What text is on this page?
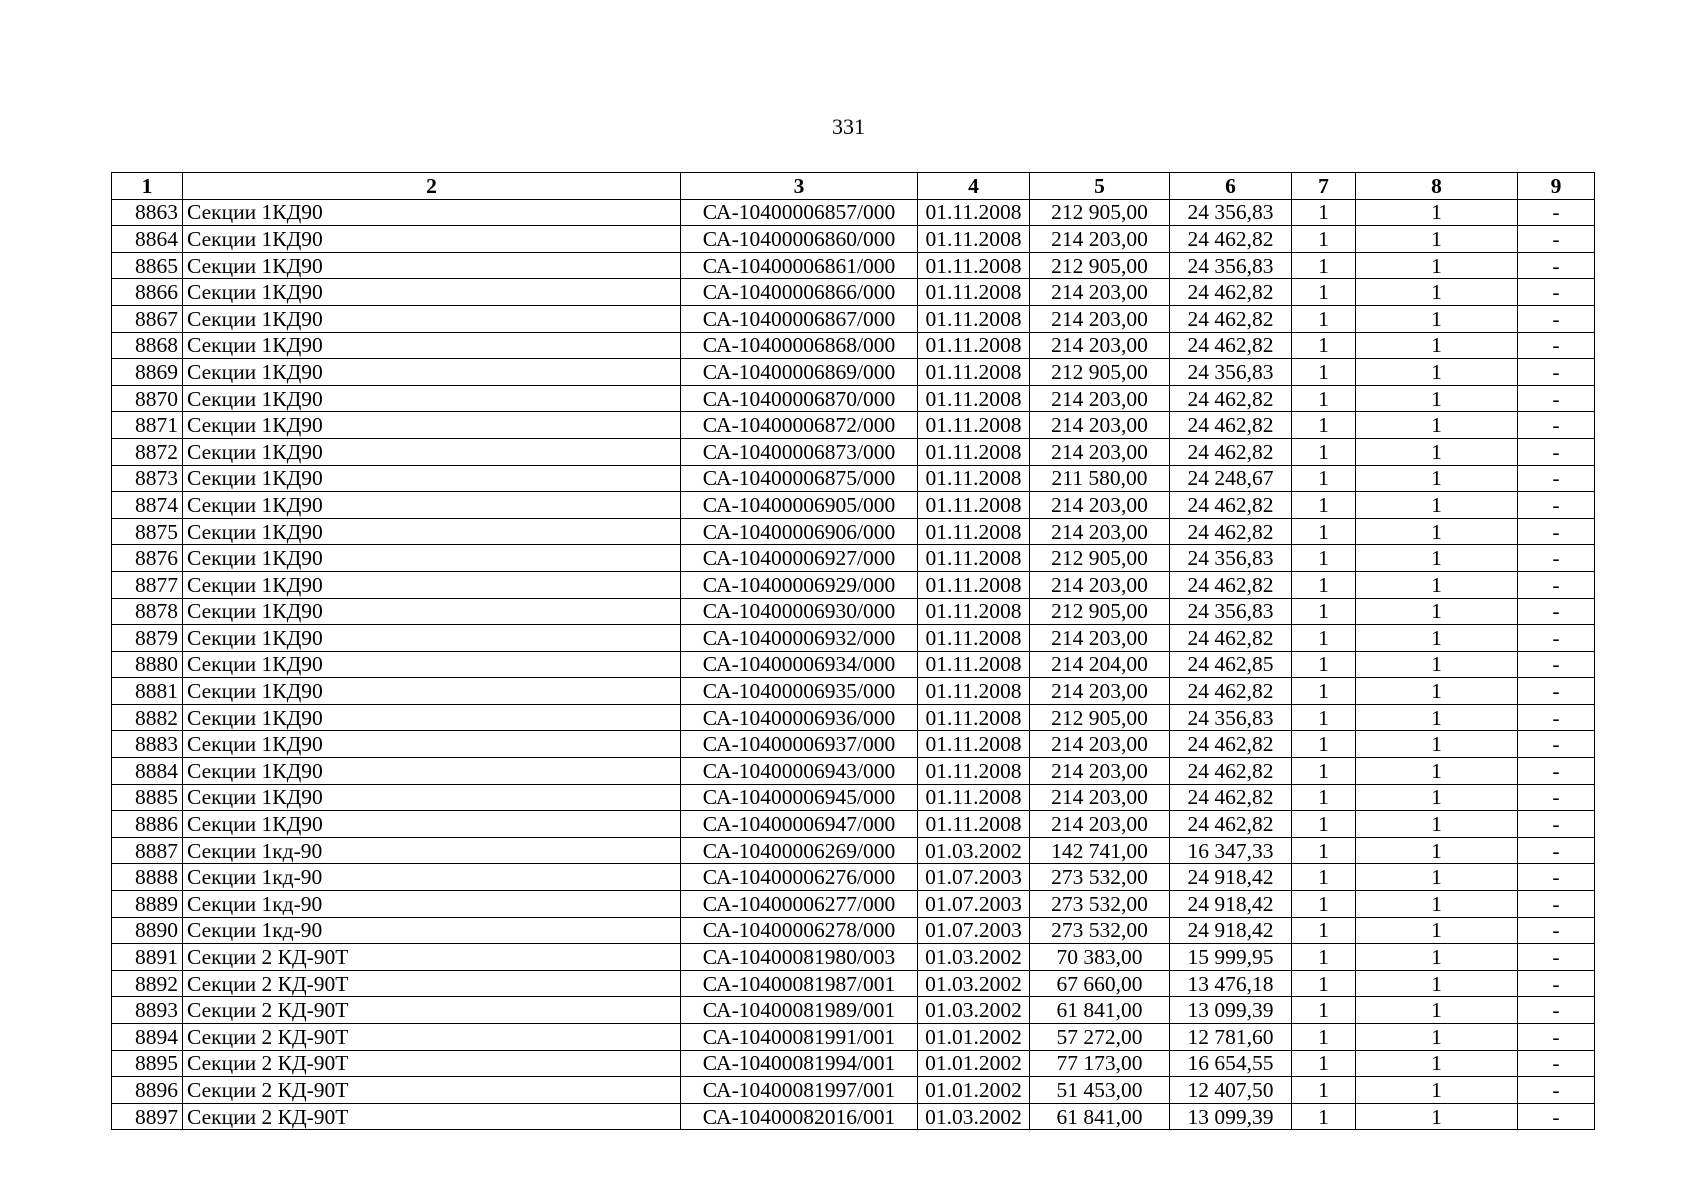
331
1	2	3	4	5	6	7	8	9
8863	Секции 1КД90	СА-10400006857/000	01.11.2008	212 905,00	24 356,83	1	1	-
8864	Секции 1КД90	СА-10400006860/000	01.11.2008	214 203,00	24 462,82	1	1	-
8865	Секции 1КД90	СА-10400006861/000	01.11.2008	212 905,00	24 356,83	1	1	-
8866	Секции 1КД90	СА-10400006866/000	01.11.2008	214 203,00	24 462,82	1	1	-
8867	Секции 1КД90	СА-10400006867/000	01.11.2008	214 203,00	24 462,82	1	1	-
8868	Секции 1КД90	СА-10400006868/000	01.11.2008	214 203,00	24 462,82	1	1	-
8869	Секции 1КД90	СА-10400006869/000	01.11.2008	212 905,00	24 356,83	1	1	-
8870	Секции 1КД90	СА-10400006870/000	01.11.2008	214 203,00	24 462,82	1	1	-
8871	Секции 1КД90	СА-10400006872/000	01.11.2008	214 203,00	24 462,82	1	1	-
8872	Секции 1КД90	СА-10400006873/000	01.11.2008	214 203,00	24 462,82	1	1	-
8873	Секции 1КД90	СА-10400006875/000	01.11.2008	211 580,00	24 248,67	1	1	-
8874	Секции 1КД90	СА-10400006905/000	01.11.2008	214 203,00	24 462,82	1	1	-
8875	Секции 1КД90	СА-10400006906/000	01.11.2008	214 203,00	24 462,82	1	1	-
8876	Секции 1КД90	СА-10400006927/000	01.11.2008	212 905,00	24 356,83	1	1	-
8877	Секции 1КД90	СА-10400006929/000	01.11.2008	214 203,00	24 462,82	1	1	-
8878	Секции 1КД90	СА-10400006930/000	01.11.2008	212 905,00	24 356,83	1	1	-
8879	Секции 1КД90	СА-10400006932/000	01.11.2008	214 203,00	24 462,82	1	1	-
8880	Секции 1КД90	СА-10400006934/000	01.11.2008	214 204,00	24 462,85	1	1	-
8881	Секции 1КД90	СА-10400006935/000	01.11.2008	214 203,00	24 462,82	1	1	-
8882	Секции 1КД90	СА-10400006936/000	01.11.2008	212 905,00	24 356,83	1	1	-
8883	Секции 1КД90	СА-10400006937/000	01.11.2008	214 203,00	24 462,82	1	1	-
8884	Секции 1КД90	СА-10400006943/000	01.11.2008	214 203,00	24 462,82	1	1	-
8885	Секции 1КД90	СА-10400006945/000	01.11.2008	214 203,00	24 462,82	1	1	-
8886	Секции 1КД90	СА-10400006947/000	01.11.2008	214 203,00	24 462,82	1	1	-
8887	Секции 1кд-90	СА-10400006269/000	01.03.2002	142 741,00	16 347,33	1	1	-
8888	Секции 1кд-90	СА-10400006276/000	01.07.2003	273 532,00	24 918,42	1	1	-
8889	Секции 1кд-90	СА-10400006277/000	01.07.2003	273 532,00	24 918,42	1	1	-
8890	Секции 1кд-90	СА-10400006278/000	01.07.2003	273 532,00	24 918,42	1	1	-
8891	Секции 2 КД-90Т	СА-10400081980/003	01.03.2002	70 383,00	15 999,95	1	1	-
8892	Секции 2 КД-90Т	СА-10400081987/001	01.03.2002	67 660,00	13 476,18	1	1	-
8893	Секции 2 КД-90Т	СА-10400081989/001	01.03.2002	61 841,00	13 099,39	1	1	-
8894	Секции 2 КД-90Т	СА-10400081991/001	01.01.2002	57 272,00	12 781,60	1	1	-
8895	Секции 2 КД-90Т	СА-10400081994/001	01.01.2002	77 173,00	16 654,55	1	1	-
8896	Секции 2 КД-90Т	СА-10400081997/001	01.01.2002	51 453,00	12 407,50	1	1	-
8897	Секции 2 КД-90Т	СА-10400082016/001	01.03.2002	61 841,00	13 099,39	1	1	-
